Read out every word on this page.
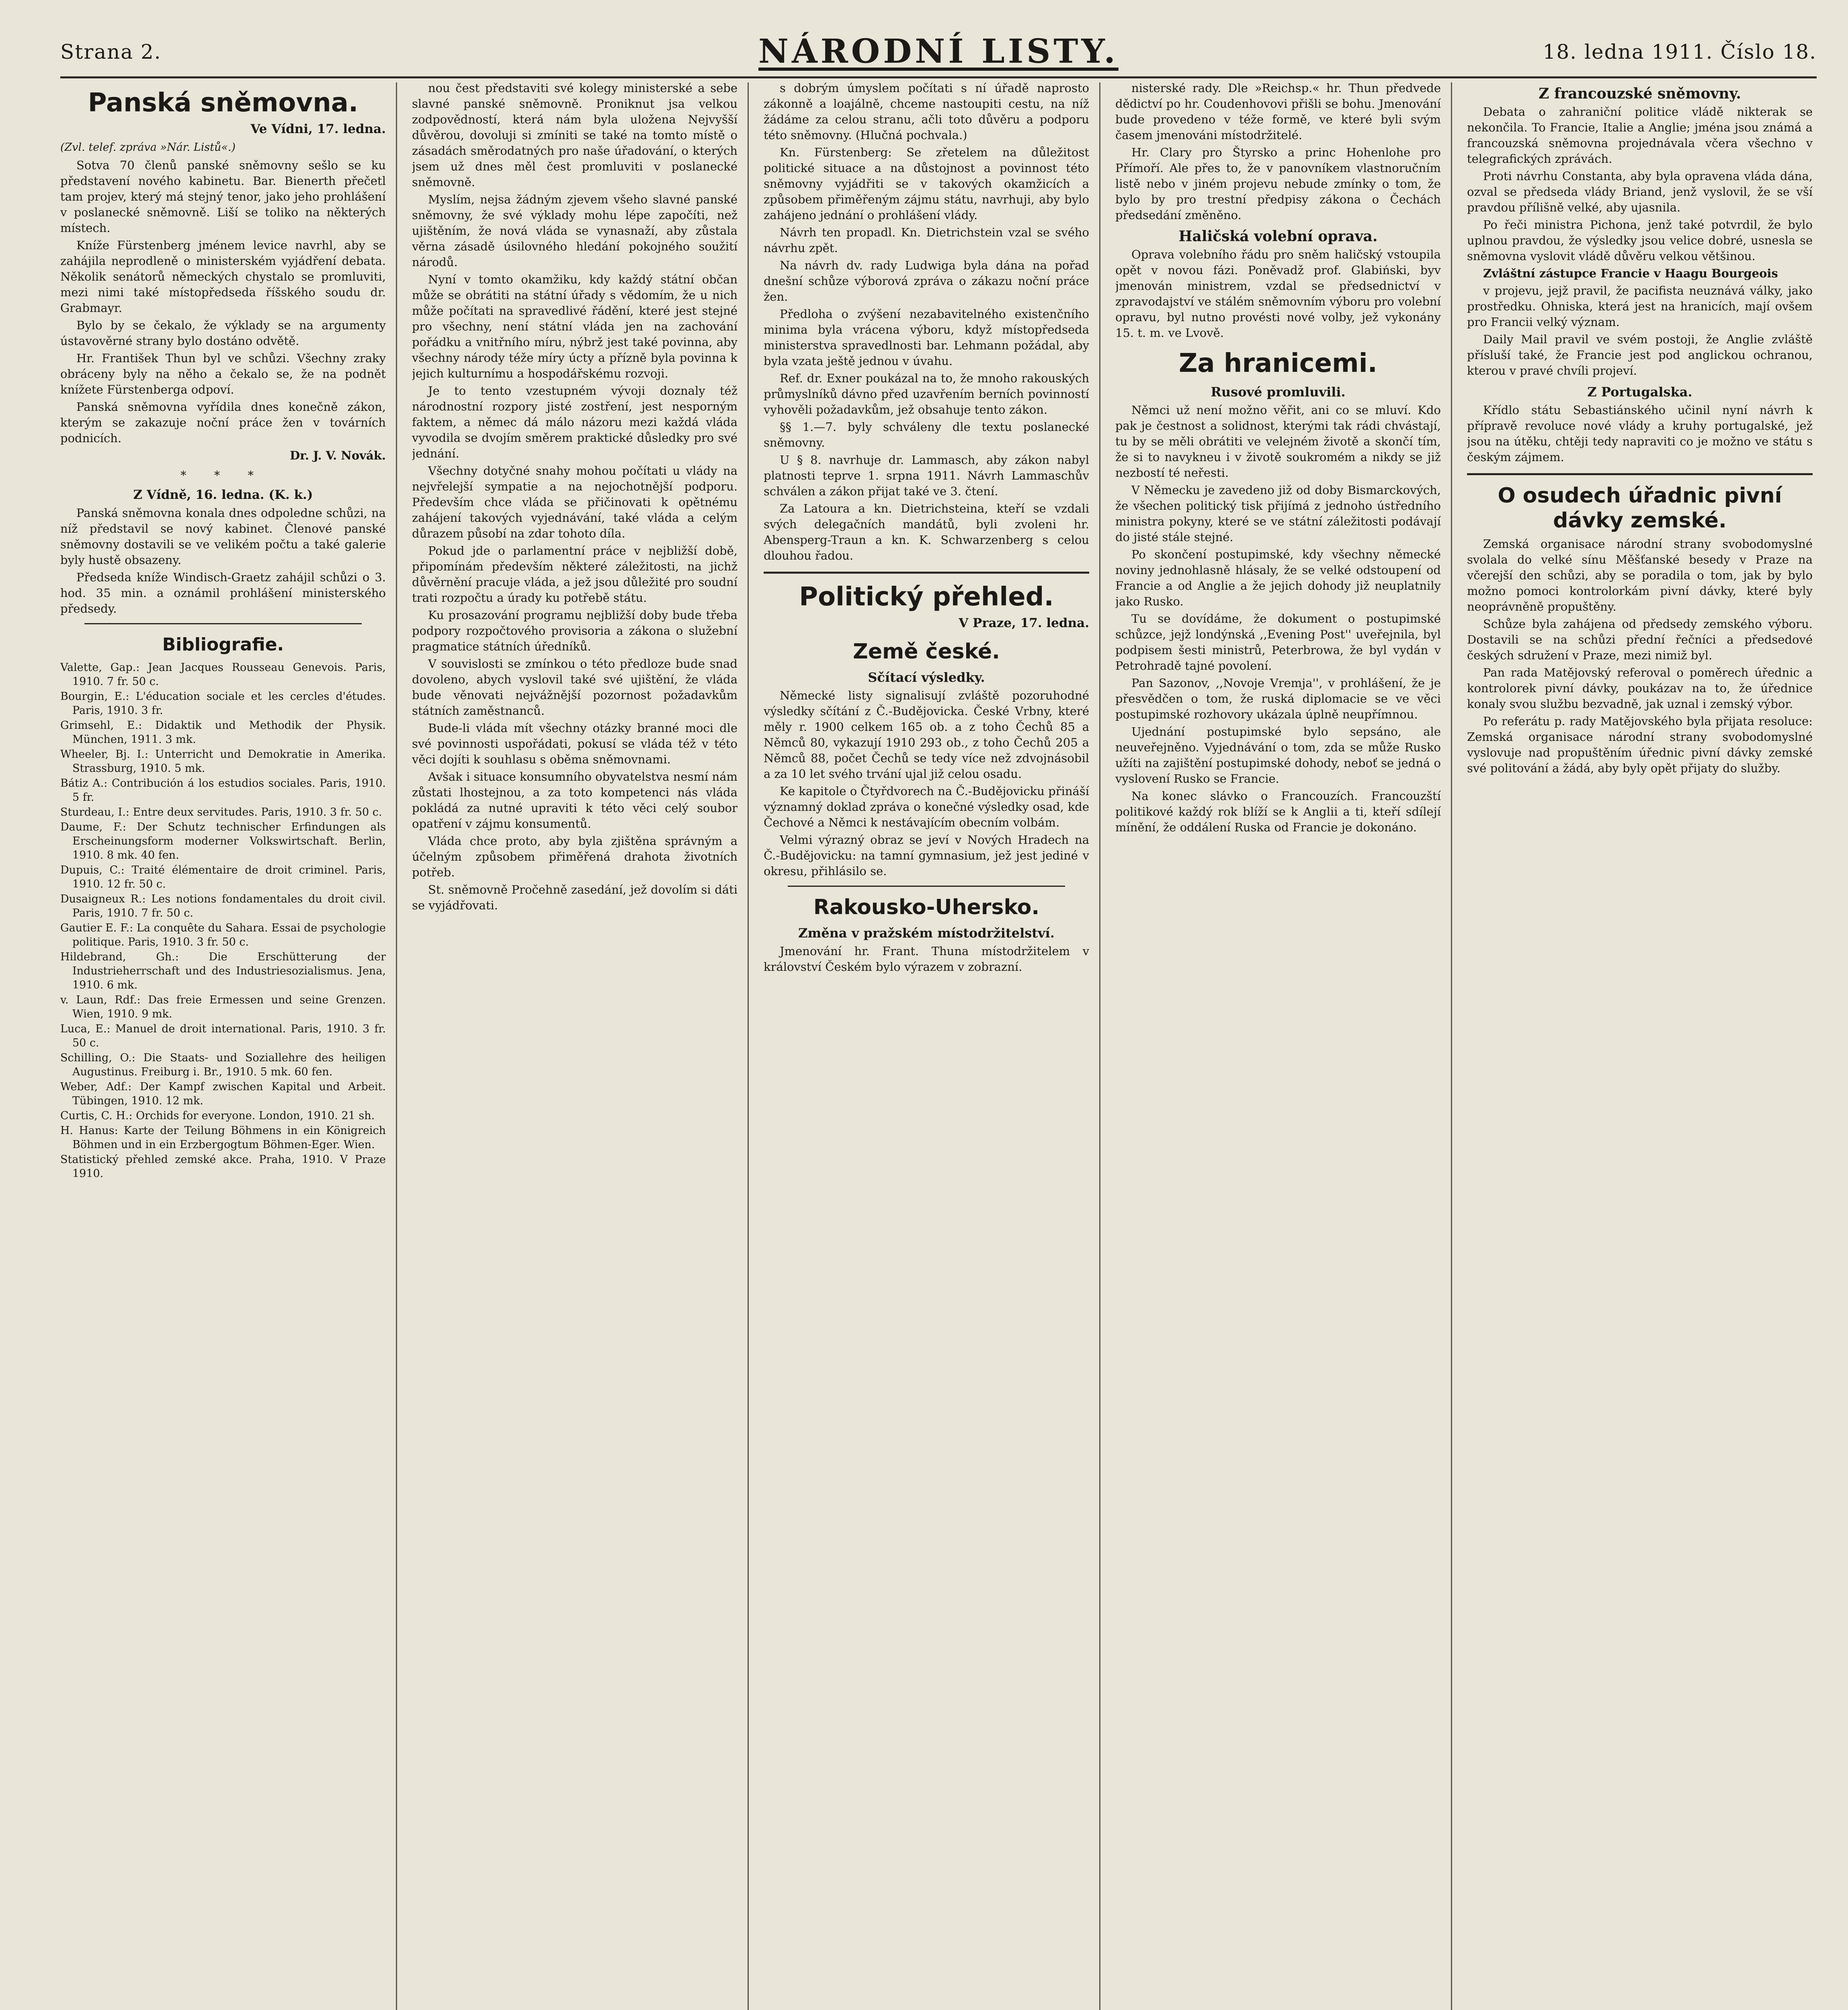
Strana 2.	NÁRODNÍ LISTY.	18. ledna 1911. Číslo 18.
Panská sněmovna.
Ve Vídni, 17. ledna.
(Zvl. telef. zpráva »Nár. Listů«.)

Sotva 70 členů panské sněmovny sešlo se ku představení nového kabinetu. Bar. Bienerth přečetl tam projev, který má stejný tenor, jako jeho prohlášení v poslanecké sněmovně. Liší se toliko na některých místech.

Kníže Fürstenberg jménem levice navrhl, aby se zahájila neprodleně o ministerském vyjádření debata. Několik senátorů německých chystalo se promluviti, mezi nimi také místopředseda říšského soudu dr. Grabmayr.

Bylo by se čekalo, že výklady se na argumenty ústavověrné strany bylo dostáno odvětě.

Hr. František Thun byl ve schůzi. Všechny zraky obráceny byly na něho a čekalo se, že na podnět knížete Fürstenberga odpoví.

Panská sněmovna vyřídila dnes konečně zákon, kterým se zakazuje noční práce žen v továrních podnicích.

Dr. J. V. Novák.
* * *
Z Vídně, 16. ledna. (K. k.)

Panská sněmovna konala dnes odpoledne schůzi, na níž představil se nový kabinet. Členové panské sněmovny dostavili se ve velikém počtu a také galerie byly hustě obsazeny.

Předseda kníže Windisch-Graetz zahájil schůzi o 3. hod. 35 min. a oznámil prohlášení ministerského předsedy.

Bibliografie.

Valette, Gap.: Jean Jacques Rousseau Genevois. Paris, 1910. 7 fr. 50 c.

Bourgin, E.: L'éducation sociale et les cercles d'études. Paris, 1910. 3 fr.

Grimsehl, E.: Didaktik und Methodik der Physik. München, 1911. 3 mk.

Wheeler, Bj. I.: Unterricht und Demokratie in Amerika. Strassburg, 1910. 5 mk.

Bátiz A.: Contribución á los estudios sociales. Paris, 1910. 5 fr.

Sturdeau, I.: Entre deux servitudes. Paris, 1910. 3 fr. 50 c.

Daume, F.: Der Schutz technischer Erfindungen als Erscheinungsform moderner Volkswirtschaft. Berlin, 1910. 8 mk. 40 fen.

Dupuis, C.: Traité élémentaire de droit criminel. Paris, 1910. 12 fr. 50 c.

Dusaigneux R.: Les notions fondamentales du droit civil. Paris, 1910. 7 fr. 50 c.

Gautier E. F.: La conquête du Sahara. Essai de psychologie politique. Paris, 1910. 3 fr. 50 c.

Hildebrand, Gh.: Die Erschütterung der Industrieherrschaft und des Industriesozialismus. Jena, 1910. 6 mk.

v. Laun, Rdf.: Das freie Ermessen und seine Grenzen. Wien, 1910. 9 mk.

Luca, E.: Manuel de droit international. Paris, 1910. 3 fr. 50 c.

Schilling, O.: Die Staats- und Soziallehre des heiligen Augustinus. Freiburg i. Br., 1910. 5 mk. 60 fen.

Weber, Adf.: Der Kampf zwischen Kapital und Arbeit. Tübingen, 1910. 12 mk.

Curtis, C. H.: Orchids for everyone. London, 1910. 21 sh.

H. Hanus: Karte der Teilung Böhmens in ein Königreich Böhmen und in ein Erzbergogtum Böhmen-Eger. Wien.

Statistický přehled zemské akce. Praha, 1910. V Praze 1910.

nou čest představiti své kolegy ministerské a sebe slavné panské sněmovně. Proniknut jsa velkou zodpovědností, která nám byla uložena Nejvyšší důvěrou, dovoluji si zmíniti se také na tomto místě o zásadách směrodatných pro naše úřadování, o kterých jsem už dnes měl čest promluviti v poslanecké sněmovně.

Myslím, nejsa žádným zjevem všeho slavné panské sněmovny, že své výklady mohu lépe započíti, než ujištěním, že nová vláda se vynasnaží, aby zůstala věrna zásadě úsilovného hledání pokojného soužití národů.

Nyní v tomto okamžiku, kdy každý státní občan může se obrátiti na státní úřady s vědomím, že u nich může počítati na spravedlivé řádění, které jest stejné pro všechny, není státní vláda jen na zachování pořádku a vnitřního míru, nýbrž jest také povinna, aby všechny národy téže míry úcty a přízně byla povinna k jejich kulturnímu a hospodářskému rozvoji.

Je to tento vzestupném vývoji doznaly též národnostní rozpory jisté zostření, jest nesporným faktem, a němec dá málo názoru mezi každá vláda vyvodila se dvojím směrem praktické důsledky pro své jednání.

Všechny dotyčné snahy mohou počítati u vlády na nejvřelejší sympatie a na nejochotnější podporu. Především chce vláda se přičinovati k opětnému zahájení takových vyjednávání, také vláda a celým důrazem působí na zdar tohoto díla.

Pokud jde o parlamentní práce v nejbližší době, připomínám především některé záležitosti, na jichž důvěrnění pracuje vláda, a jež jsou důležité pro soudní trati rozpočtu a úrady ku potřebě státu.

Ku prosazování programu nejbližší doby bude třeba podpory rozpočtového provisoria a zákona o služební pragmatice státních úředníků.

V souvislosti se zmínkou o této předloze bude snad dovoleno, abych vyslovil také své ujištění, že vláda bude věnovati nejvážnější pozornost požadavkům státních zaměstnanců.

Bude-li vláda mít všechny otázky branné moci dle své povinnosti uspořádati, pokusí se vláda též v této věci dojíti k souhlasu s oběma sněmovnami.

Avšak i situace konsumního obyvatelstva nesmí nám zůstati lhostejnou, a za toto kompetenci nás vláda pokládá za nutné upraviti k této věci celý soubor opatření v zájmu konsumentů.

Vláda chce proto, aby byla zjištěna správným a účelným způsobem přiměřená drahota životních potřeb.

St. sněmovně Pročehně zasedání, jež dovolím si dáti se vyjádřovati.

s dobrým úmyslem počítati s ní úřadě naprosto zákonně a loajálně, chceme nastoupiti cestu, na níž žádáme za celou stranu, ačli toto důvěru a podporu této sněmovny. (Hlučná pochvala.)

Kn. Fürstenberg: Se zřetelem na důležitost politické situace a na důstojnost a povinnost této sněmovny vyjádřiti se v takových okamžicích a způsobem přiměřeným zájmu státu, navrhuji, aby bylo zahájeno jednání o prohlášení vlády.

Návrh ten propadl. Kn. Dietrichstein vzal se svého návrhu zpět.

Na návrh dv. rady Ludwiga byla dána na pořad dnešní schůze výborová zpráva o zákazu noční práce žen.

Předloha o zvýšení nezabavitelného existenčního minima byla vrácena výboru, když místopředseda ministerstva spravedlnosti bar. Lehmann požádal, aby byla vzata ještě jednou v úvahu.

Ref. dr. Exner poukázal na to, že mnoho rakouských průmyslníků dávno před uzavřením berních povinností vyhověli požadavkům, jež obsahuje tento zákon.

§§ 1.—7. byly schváleny dle textu poslanecké sněmovny.

U § 8. navrhuje dr. Lammasch, aby zákon nabyl platnosti teprve 1. srpna 1911. Návrh Lammaschův schválen a zákon přijat také ve 3. čtení.

Za Latoura a kn. Dietrichsteina, kteří se vzdali svých delegačních mandátů, byli zvoleni hr. Abensperg-Traun a kn. K. Schwarzenberg s celou dlouhou řadou.

Politický přehled.
V Praze, 17. ledna.
Země české.
Sčítací výsledky.

Německé listy signalisují zvláště pozoruhodné výsledky sčítání z Č.-Budějovicka. České Vrbny, které měly r. 1900 celkem 165 ob. a z toho Čechů 85 a Němců 80, vykazují 1910 293 ob., z toho Čechů 205 a Němců 88, počet Čechů se tedy více než zdvojnásobil a za 10 let svého trvání ujal již celou osadu.

Ke kapitole o Čtyřdvorech na Č.-Budějovicku přináší významný doklad zpráva o konečné výsledky osad, kde Čechové a Němci k nestávajícím obecním volbám.

Velmi výrazný obraz se jeví v Nových Hradech na Č.-Budějovicku: na tamní gymnasium, jež jest jediné v okresu, přihlásilo se.

Rakousko-Uhersko.
Změna v pražském místodržitelství.

Jmenování hr. Frant. Thuna místodržitelem v království Českém bylo výrazem v zobrazní.

nisterské rady. Dle »Reichsp.« hr. Thun předvede dědictví po hr. Coudenhovovi přišli se bohu. Jmenování bude provedeno v téže formě, ve které byli svým časem jmenováni místodržitelé.

Hr. Clary pro Štyrsko a princ Hohenlohe pro Přímoří. Ale přes to, že v panovníkem vlastnoručním listě nebo v jiném projevu nebude zmínky o tom, že bylo by pro trestní předpisy zákona o Čechách předsedání změněno.

Haličská volební oprava.

Oprava volebního řádu pro sněm haličský vstoupila opět v novou fázi. Poněvadž prof. Glabiński, byv jmenován ministrem, vzdal se předsednictví v zpravodajství ve stálém sněmovním výboru pro volební opravu, byl nutno provésti nové volby, jež vykonány 15. t. m. ve Lvově.

Za hranicemi.
Rusové promluvili.

Němci už není možno věřit, ani co se mluví. Kdo pak je čestnost a solidnost, kterými tak rádi chvástají, tu by se měli obrátiti ve velejném životě a skončí tím, že si to navykneu i v životě soukromém a nikdy se již nezbostí té neřesti.

V Německu je zavedeno již od doby Bismarckových, že všechen politický tisk přijímá z jednoho ústředního ministra pokyny, které se ve státní záležitosti podávají do jisté stále stejné.

Po skončení postupimské, kdy všechny německé noviny jednohlasně hlásaly, že se velké odstoupení od Francie a od Anglie a že jejich dohody již neuplatnily jako Rusko.

Tu se dovídáme, že dokument o postupimské schůzce, jejž londýnská ,,Evening Post'' uveřejnila, byl podpisem šesti ministrů, Peterbrowa, že byl vydán v Petrohradě tajné povolení.

Pan Sazonov, ,,Novoje Vremja'', v prohlášení, že je přesvědčen o tom, že ruská diplomacie se ve věci postupimské rozhovory ukázala úplně neupřímnou.

Ujednání postupimské bylo sepsáno, ale neuveřejněno. Vyjednávání o tom, zda se může Rusko užíti na zajištění postupimské dohody, neboť se jedná o vyslovení Rusko se Francie.

Na konec slávko o Francouzích. Francouzští politikové každý rok blíží se k Anglii a ti, kteří sdílejí mínění, že oddálení Ruska od Francie je dokonáno.

Z francouzské sněmovny.

Debata o zahraniční politice vládě nikterak se nekončila. To Francie, Italie a Anglie; jména jsou známá a francouzská sněmovna projednávala včera všechno v telegrafických zprávách.

Proti návrhu Constanta, aby byla opravena vláda dána, ozval se předseda vlády Briand, jenž vyslovil, že se vší pravdou přílišně velké, aby ujasnila.

Po řeči ministra Pichona, jenž také potvrdil, že bylo uplnou pravdou, že výsledky jsou velice dobré, usnesla se sněmovna vyslovit vládě důvěru velkou většinou.

Zvláštní zástupce Francie v Haagu Bourgeois

v projevu, jejž pravil, že pacifista neuznává války, jako prostředku. Ohniska, která jest na hranicích, mají ovšem pro Francii velký význam.

Daily Mail pravil ve svém postoji, že Anglie zvláště přísluší také, že Francie jest pod anglickou ochranou, kterou v pravé chvíli projeví.

Z Portugalska.

Křídlo státu Sebastiánského učinil nyní návrh k přípravě revoluce nové vlády a kruhy portugalské, jež jsou na útěku, chtěji tedy napraviti co je možno ve státu s českým zájmem.

O osudech úřadnic pivní dávky zemské.

Zemská organisace národní strany svobodomyslné svolala do velké sínu Měšťanské besedy v Praze na včerejší den schůzi, aby se poradila o tom, jak by bylo možno pomoci kontrolorkám pivní dávky, které byly neoprávněně propuštěny.

Schůze byla zahájena od předsedy zemského výboru. Dostavili se na schůzi přední řečníci a předsedové českých sdružení v Praze, mezi nimiž byl.

Pan rada Matějovský referoval o poměrech úřednic a kontrolorek pivní dávky, poukázav na to, že úřednice konaly svou službu bezvadně, jak uznal i zemský výbor.

Po referátu p. rady Matějovského byla přijata resoluce: Zemská organisace národní strany svobodomyslné vyslovuje nad propuštěním úřednic pivní dávky zemské své politování a žádá, aby byly opět přijaty do služby.
